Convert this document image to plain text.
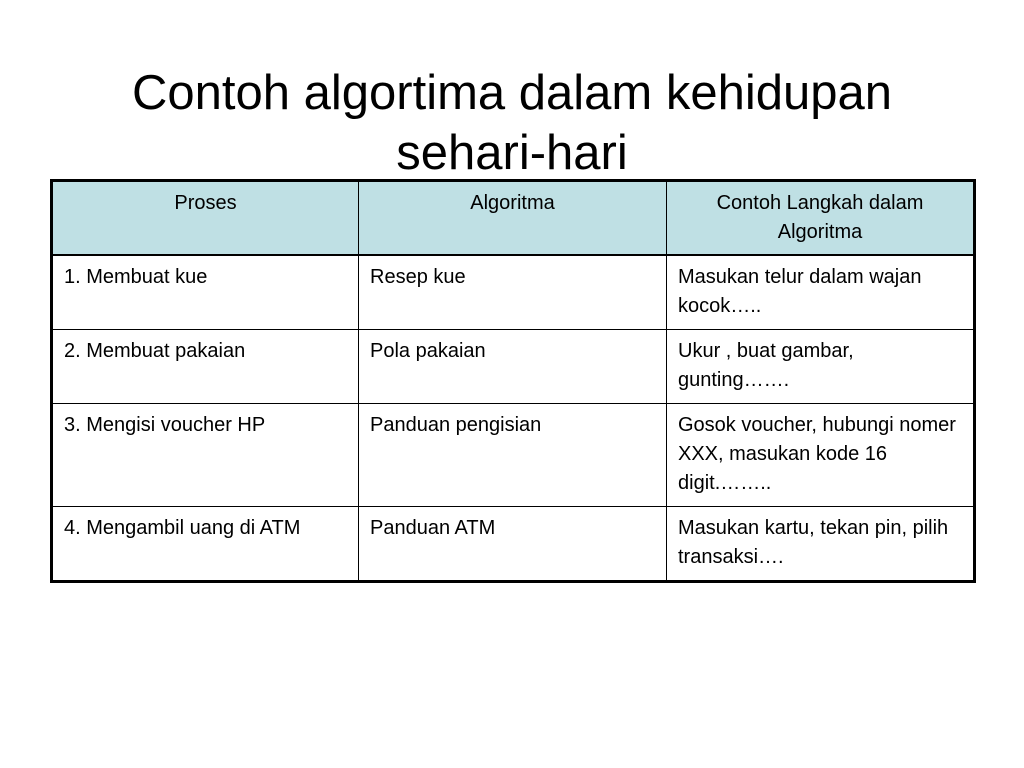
Contoh algortima dalam kehidupan
sehari-hari
Proses	Algoritma	Contoh Langkah dalam Algoritma
1. Membuat kue	Resep kue	Masukan telur dalam wajan kocok…..
2. Membuat pakaian	Pola pakaian	Ukur , buat gambar, gunting…….
3. Mengisi voucher HP	Panduan pengisian	Gosok voucher, hubungi nomer XXX, masukan kode 16 digit.……..
4. Mengambil uang di ATM	Panduan ATM	Masukan kartu, tekan pin, pilih transaksi….
